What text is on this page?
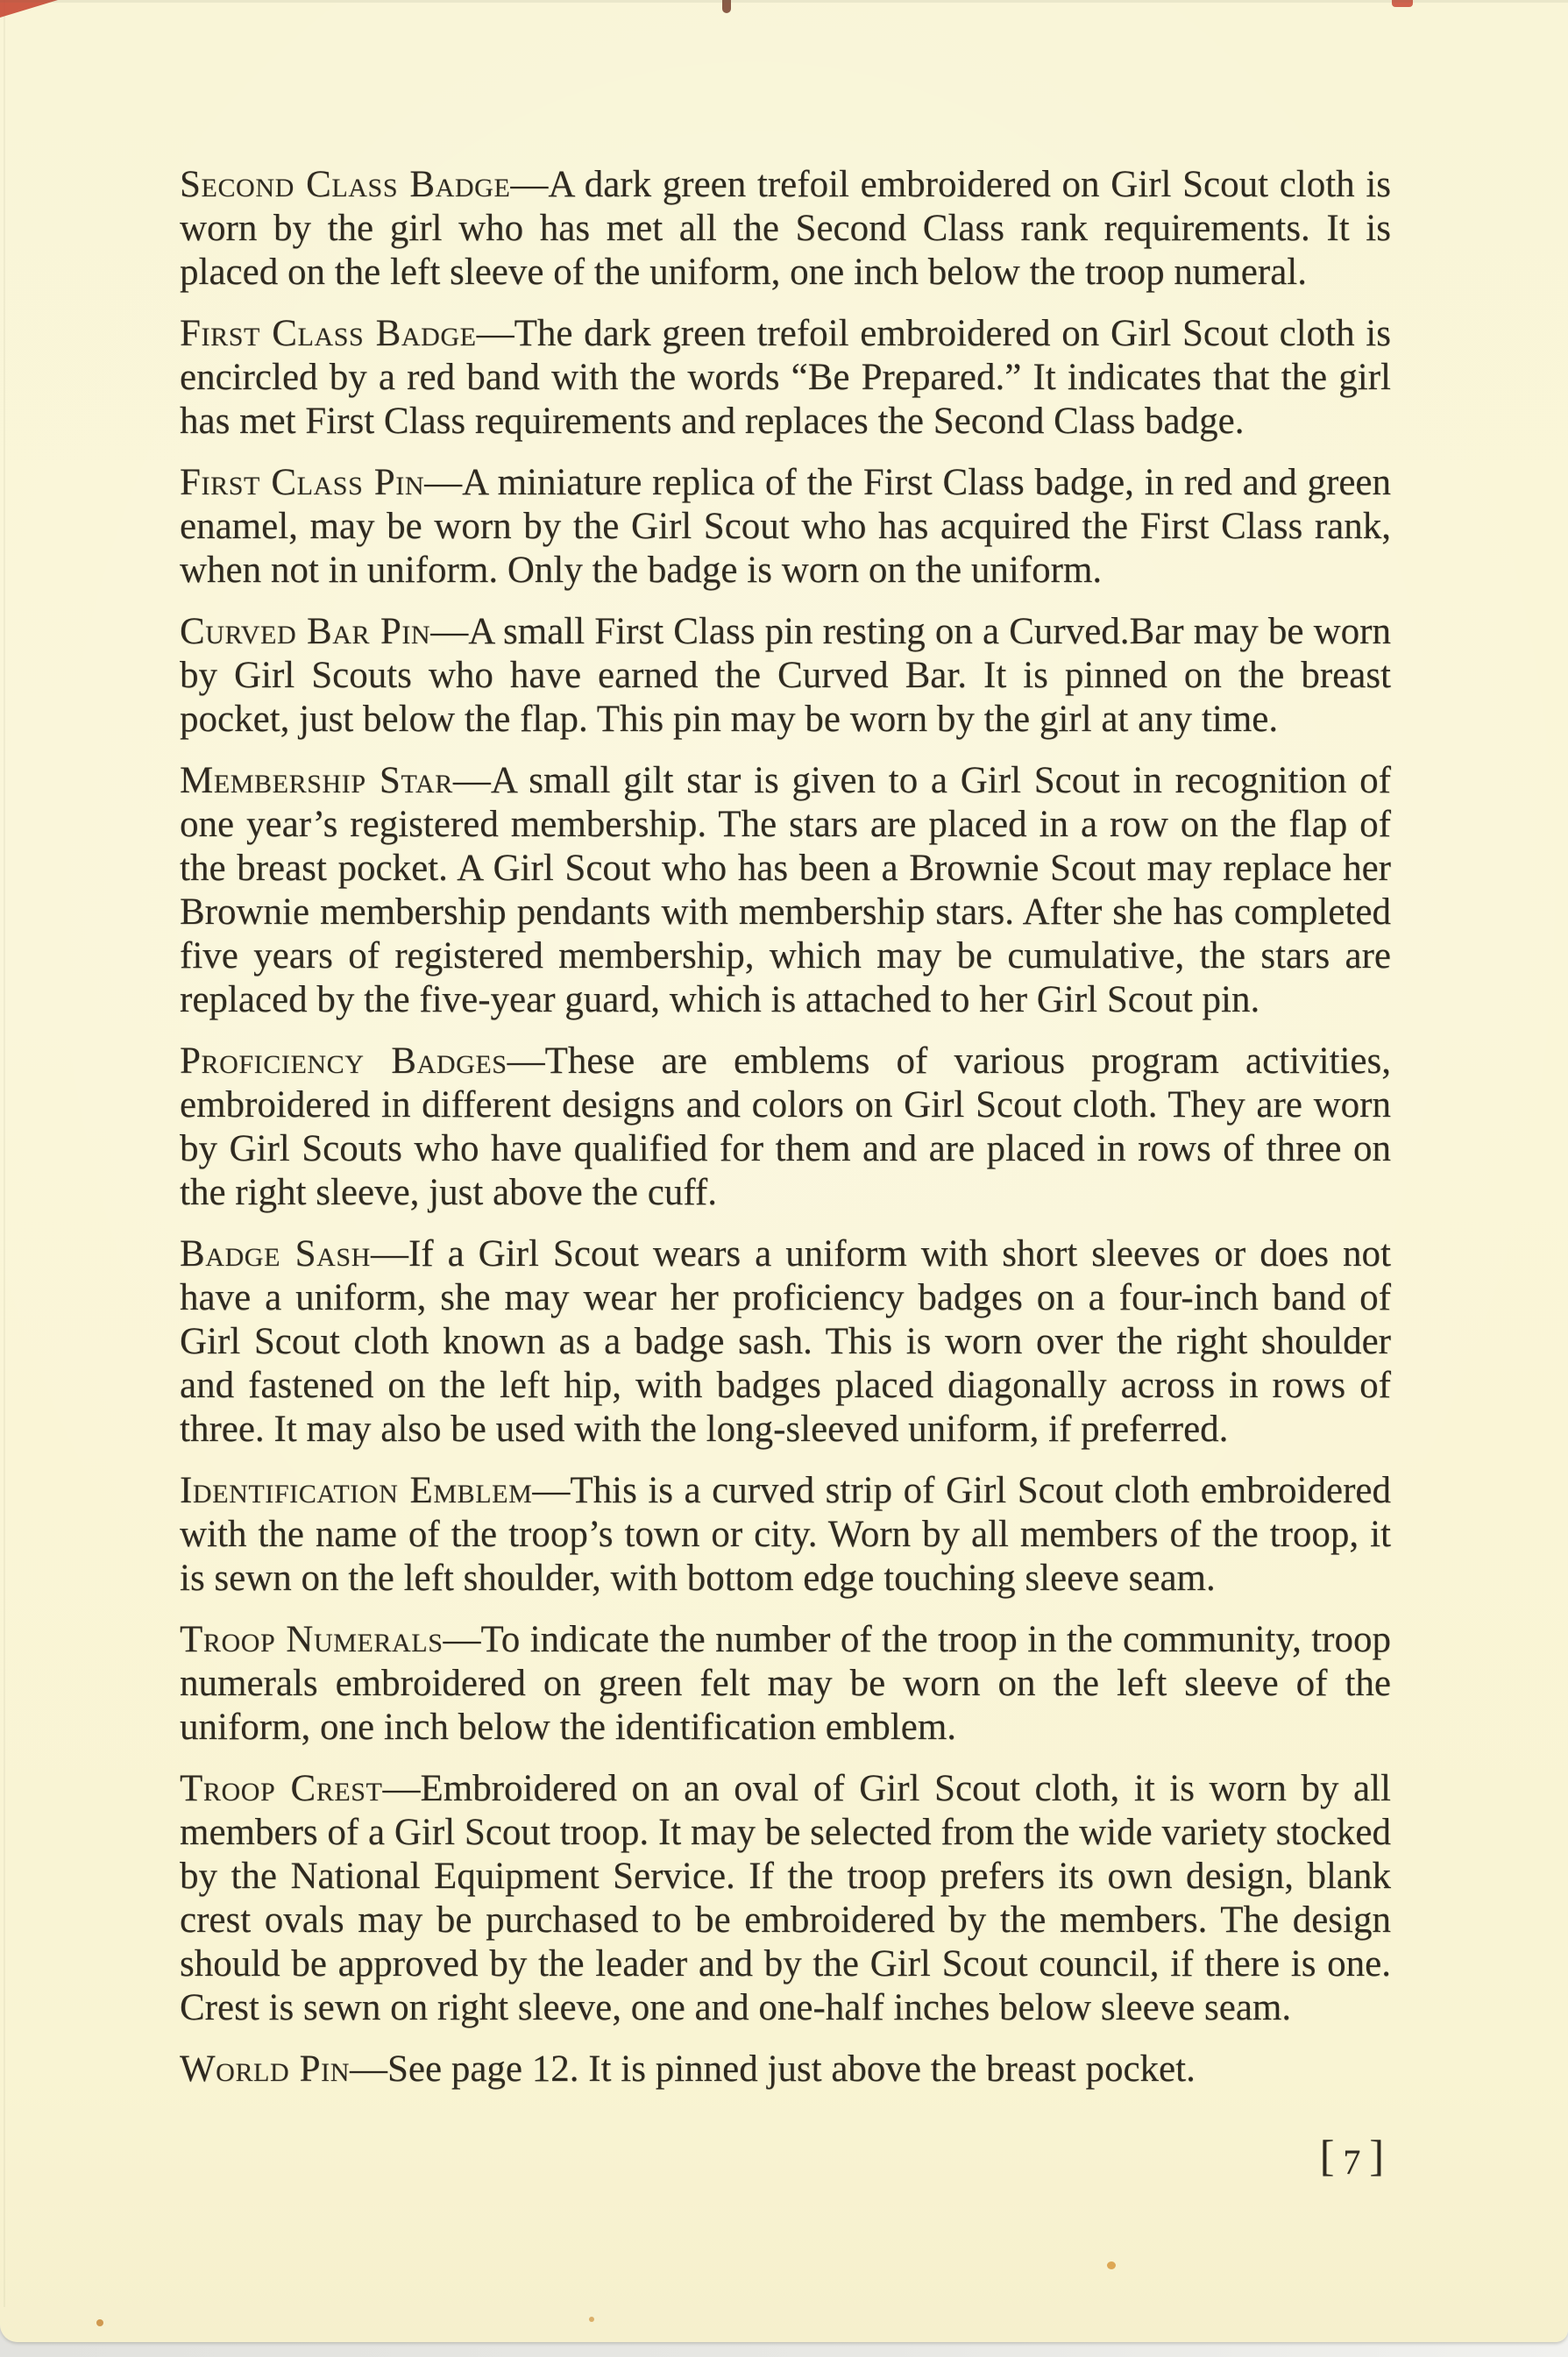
Second Class Badge—A dark green trefoil embroidered on Girl Scout cloth is worn by the girl who has met all the Second Class rank requirements. It is placed on the left sleeve of the uniform, one inch below the troop numeral.

First Class Badge—The dark green trefoil embroidered on Girl Scout cloth is encircled by a red band with the words “Be Prepared.” It indicates that the girl has met First Class requirements and replaces the Second Class badge.

First Class Pin—A miniature replica of the First Class badge, in red and green enamel, may be worn by the Girl Scout who has acquired the First Class rank, when not in uniform. Only the badge is worn on the uniform.

Curved Bar Pin—A small First Class pin resting on a Curved.Bar may be worn by Girl Scouts who have earned the Curved Bar. It is pinned on the breast pocket, just below the flap. This pin may be worn by the girl at any time.

Membership Star—A small gilt star is given to a Girl Scout in recognition of one year’s registered membership. The stars are placed in a row on the flap of the breast pocket. A Girl Scout who has been a Brownie Scout may replace her Brownie membership pendants with membership stars. After she has completed five years of registered membership, which may be cumulative, the stars are replaced by the five-year guard, which is attached to her Girl Scout pin.

Proficiency Badges—These are emblems of various program activities, embroidered in different designs and colors on Girl Scout cloth. They are worn by Girl Scouts who have qualified for them and are placed in rows of three on the right sleeve, just above the cuff.

Badge Sash—If a Girl Scout wears a uniform with short sleeves or does not have a uniform, she may wear her proficiency badges on a four-inch band of Girl Scout cloth known as a badge sash. This is worn over the right shoulder and fastened on the left hip, with badges placed diagonally across in rows of three. It may also be used with the long-sleeved uniform, if preferred.

Identification Emblem—This is a curved strip of Girl Scout cloth embroidered with the name of the troop’s town or city. Worn by all members of the troop, it is sewn on the left shoulder, with bottom edge touching sleeve seam.

Troop Numerals—To indicate the number of the troop in the community, troop numerals embroidered on green felt may be worn on the left sleeve of the uniform, one inch below the identification emblem.

Troop Crest—Embroidered on an oval of Girl Scout cloth, it is worn by all members of a Girl Scout troop. It may be selected from the wide variety stocked by the National Equipment Service. If the troop prefers its own design, blank crest ovals may be purchased to be embroidered by the members. The design should be approved by the leader and by the Girl Scout council, if there is one. Crest is sewn on right sleeve, one and one-half inches below sleeve seam.

World Pin—See page 12. It is pinned just above the breast pocket.

[ 7 ]
